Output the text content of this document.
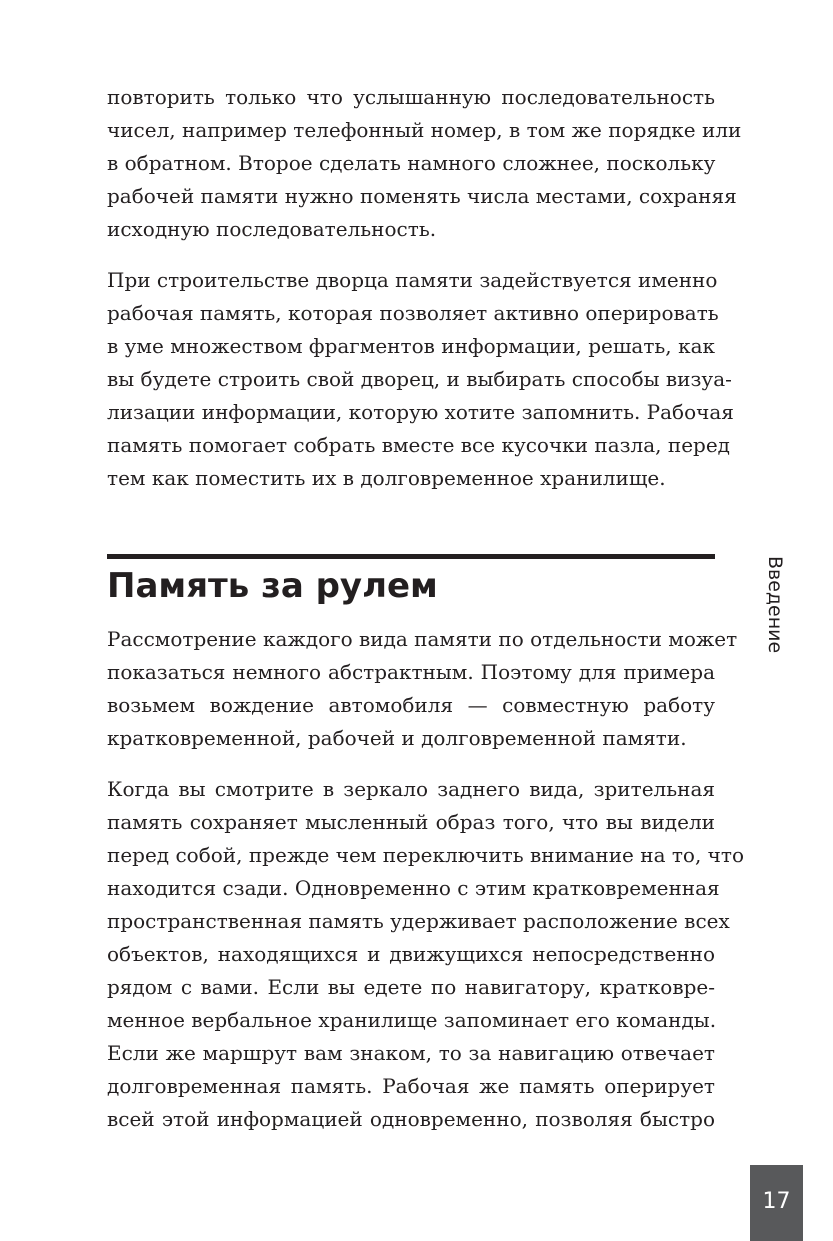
повторить только что услышанную последовательность
чисел, например телефонный номер, в том же порядке или
в обратном. Второе сделать намного сложнее, поскольку
рабочей памяти нужно поменять числа местами, сохраняя
исходную последовательность.
При строительстве дворца памяти задействуется именно
рабочая память, которая позволяет активно оперировать
в уме множеством фрагментов информации, решать, как
вы будете строить свой дворец, и выбирать способы визуа-
лизации информации, которую хотите запомнить. Рабочая
память помогает собрать вместе все кусочки пазла, перед
тем как поместить их в долговременное хранилище.
Память за рулем
Рассмотрение каждого вида памяти по отдельности может
показаться немного абстрактным. Поэтому для примера
возьмем вождение автомобиля — совместную работу
кратковременной, рабочей и долговременной памяти.
Когда вы смотрите в зеркало заднего вида, зрительная
память сохраняет мысленный образ того, что вы видели
перед собой, прежде чем переключить внимание на то, что
находится сзади. Одновременно с этим кратковременная
пространственная память удерживает расположение всех
объектов, находящихся и движущихся непосредственно
рядом с вами. Если вы едете по навигатору, кратковре-
менное вербальное хранилище запоминает его команды.
Если же маршрут вам знаком, то за навигацию отвечает
долговременная память. Рабочая же память оперирует
всей этой информацией одновременно, позволяя быстро
Введение
17
